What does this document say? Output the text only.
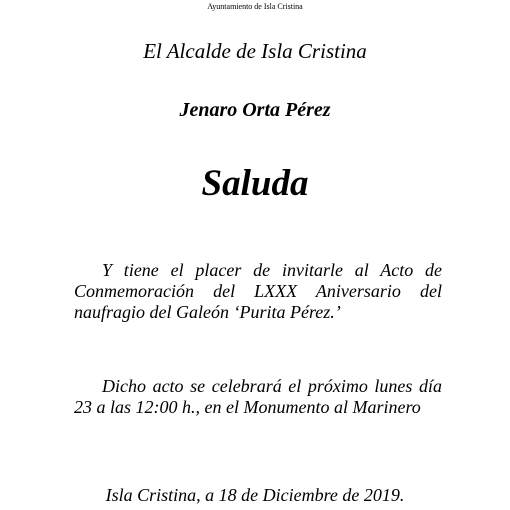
Ayuntamiento de Isla Cristina
El Alcalde de Isla Cristina
Jenaro Orta Pérez
Saluda

Y tiene el placer de invitarle al Acto de Conmemoración del LXXX Aniversario del naufragio del Galeón ‘Purita Pérez.’

Dicho acto se celebrará el próximo lunes día 23 a las 12:00 h., en el Monumento al Marinero

Isla Cristina, a 18 de Diciembre de 2019.
